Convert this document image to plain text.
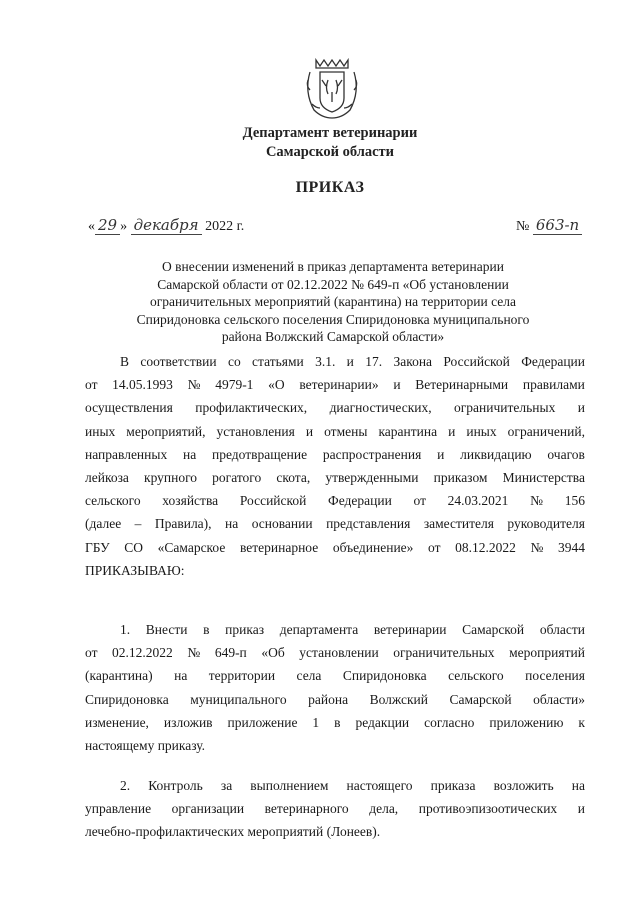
Департамент ветеринарии
Самарской области
ПРИКАЗ
« 29 » декабря 2022 г.	№ 663-п
О внесении изменений в приказ департамента ветеринарии
Самарской области от 02.12.2022 № 649-п «Об установлении
ограничительных мероприятий (карантина) на территории села
Спиридоновка сельского поселения Спиридоновка муниципального
района Волжский Самарской области»
В соответствии со статьями 3.1. и 17. Закона Российской Федерации
от 14.05.1993 № 4979-1 «О ветеринарии» и Ветеринарными правилами
осуществления профилактических, диагностических, ограничительных и
иных мероприятий, установления и отмены карантина и иных ограничений,
направленных на предотвращение распространения и ликвидацию очагов
лейкоза крупного рогатого скота, утвержденными приказом Министерства
сельского хозяйства Российской Федерации от 24.03.2021 № 156
(далее – Правила), на основании представления заместителя руководителя
ГБУ СО «Самарское ветеринарное объединение» от 08.12.2022 № 3944
ПРИКАЗЫВАЮ:
1. Внести в приказ департамента ветеринарии Самарской области
от 02.12.2022 № 649-п «Об установлении ограничительных мероприятий
(карантина) на территории села Спиридоновка сельского поселения
Спиридоновка муниципального района Волжский Самарской области»
изменение, изложив приложение 1 в редакции согласно приложению к
настоящему приказу.
2. Контроль за выполнением настоящего приказа возложить на
управление организации ветеринарного дела, противоэпизоотических и
лечебно-профилактических мероприятий (Лонеев).
